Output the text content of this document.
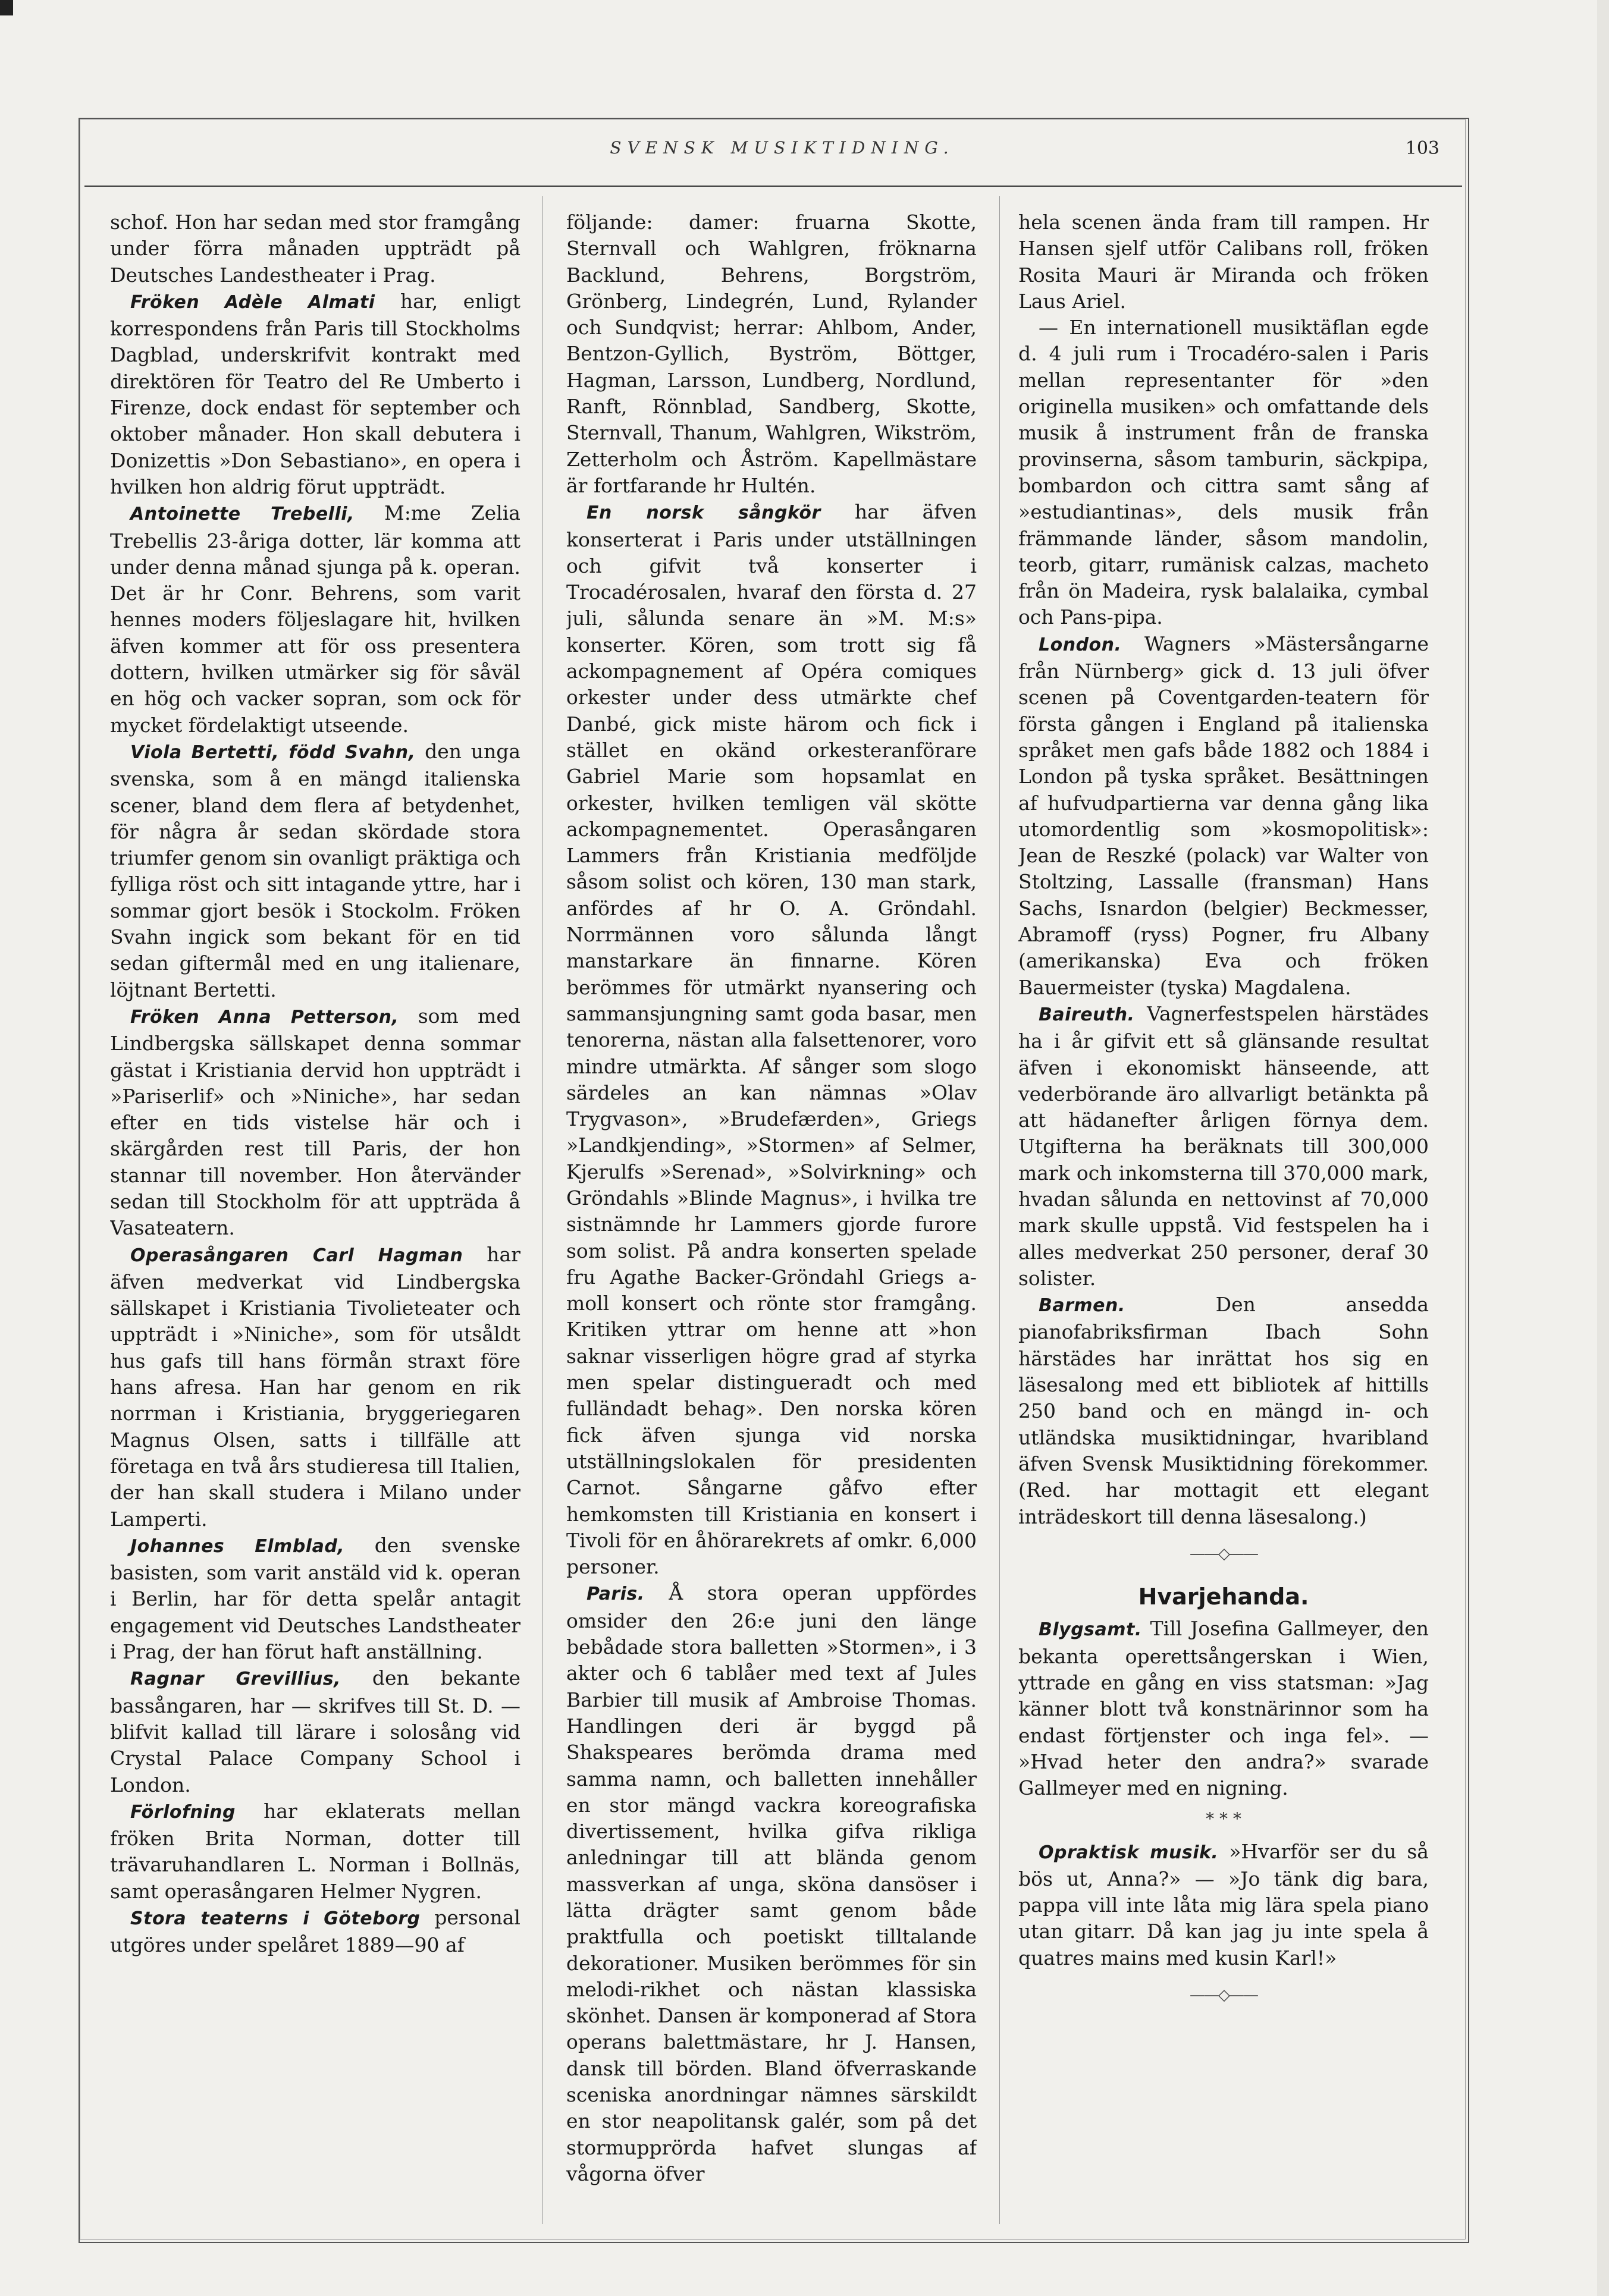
SVENSK MUSIKTIDNING.	103

schof. Hon har sedan med stor framgång under förra månaden uppträdt på Deutsches Landestheater i Prag.

Fröken Adèle Almati har, enligt korrespondens från Paris till Stockholms Dagblad, underskrifvit kontrakt med direktören för Teatro del Re Umberto i Firenze, dock endast för september och oktober månader. Hon skall debutera i Donizettis »Don Sebastiano», en opera i hvilken hon aldrig förut uppträdt.

Antoinette Trebelli, M:me Zelia Trebellis 23-åriga dotter, lär komma att under denna månad sjunga på k. operan. Det är hr Conr. Behrens, som varit hennes moders följeslagare hit, hvilken äfven kommer att för oss presentera dottern, hvilken utmärker sig för såväl en hög och vacker sopran, som ock för mycket fördelaktigt utseende.

Viola Bertetti, född Svahn, den unga svenska, som å en mängd italienska scener, bland dem flera af betydenhet, för några år sedan skördade stora triumfer genom sin ovanligt präktiga och fylliga röst och sitt intagande yttre, har i sommar gjort besök i Stockolm. Fröken Svahn ingick som bekant för en tid sedan giftermål med en ung italienare, löjtnant Bertetti.

Fröken Anna Petterson, som med Lindbergska sällskapet denna sommar gästat i Kristiania dervid hon uppträdt i »Pariserlif» och »Niniche», har sedan efter en tids vistelse här och i skärgården rest till Paris, der hon stannar till november. Hon återvänder sedan till Stockholm för att uppträda å Vasateatern.

Operasångaren Carl Hagman har äfven medverkat vid Lindbergska sällskapet i Kristiania Tivolieteater och uppträdt i »Niniche», som för utsåldt hus gafs till hans förmån straxt före hans afresa. Han har genom en rik norrman i Kristiania, bryggeriegaren Magnus Olsen, satts i tillfälle att företaga en två års studieresa till Italien, der han skall studera i Milano under Lamperti.

Johannes Elmblad, den svenske basisten, som varit anstäld vid k. operan i Berlin, har för detta spelår antagit engagement vid Deutsches Landstheater i Prag, der han förut haft anställning.

Ragnar Grevillius, den bekante bassångaren, har — skrifves till St. D. — blifvit kallad till lärare i solosång vid Crystal Palace Company School i London.

Förlofning har eklaterats mellan fröken Brita Norman, dotter till trävaruhandlaren L. Norman i Bollnäs, samt operasångaren Helmer Nygren.

Stora teaterns i Göteborg personal utgöres under spelåret 1889—90 af

följande: damer: fruarna Skotte, Sternvall och Wahlgren, fröknarna Backlund, Behrens, Borgström, Grönberg, Lindegrén, Lund, Rylander och Sundqvist; herrar: Ahlbom, Ander, Bentzon-Gyllich, Byström, Böttger, Hagman, Larsson, Lundberg, Nordlund, Ranft, Rönnblad, Sandberg, Skotte, Sternvall, Thanum, Wahlgren, Wikström, Zetterholm och Åström. Kapellmästare är fortfarande hr Hultén.

En norsk sångkör har äfven konserterat i Paris under utställningen och gifvit två konserter i Trocadérosalen, hvaraf den första d. 27 juli, sålunda senare än »M. M:s» konserter. Kören, som trott sig få ackompagnement af Opéra comiques orkester under dess utmärkte chef Danbé, gick miste härom och fick i stället en okänd orkesteranförare Gabriel Marie som hopsamlat en orkester, hvilken temligen väl skötte ackompagnementet. Operasångaren Lammers från Kristiania medföljde såsom solist och kören, 130 man stark, anfördes af hr O. A. Gröndahl. Norrmännen voro sålunda långt manstarkare än finnarne. Kören berömmes för utmärkt nyansering och sammansjungning samt goda basar, men tenorerna, nästan alla falsettenorer, voro mindre utmärkta. Af sånger som slogo särdeles an kan nämnas »Olav Trygvason», »Brudefærden», Griegs »Landkjending», »Stormen» af Selmer, Kjerulfs »Serenad», »Solvirkning» och Gröndahls »Blinde Magnus», i hvilka tre sistnämnde hr Lammers gjorde furore som solist. På andra konserten spelade fru Agathe Backer-Gröndahl Griegs a-moll konsert och rönte stor framgång. Kritiken yttrar om henne att »hon saknar visserligen högre grad af styrka men spelar distingueradt och med fulländadt behag». Den norska kören fick äfven sjunga vid norska utställningslokalen för presidenten Carnot. Sångarne gåfvo efter hemkomsten till Kristiania en konsert i Tivoli för en åhörarekrets af omkr. 6,000 personer.

Paris. Å stora operan uppfördes omsider den 26:e juni den länge bebådade stora balletten »Stormen», i 3 akter och 6 tablåer med text af Jules Barbier till musik af Ambroise Thomas. Handlingen deri är byggd på Shakspeares berömda drama med samma namn, och balletten innehåller en stor mängd vackra koreografiska divertissement, hvilka gifva rikliga anledningar till att blända genom massverkan af unga, sköna dansöser i lätta drägter samt genom både praktfulla och poetiskt tilltalande dekorationer. Musiken berömmes för sin melodi-rikhet och nästan klassiska skönhet. Dansen är komponerad af Stora operans balettmästare, hr J. Hansen, dansk till börden. Bland öfverraskande sceniska anordningar nämnes särskildt en stor neapolitansk galér, som på det stormupprörda hafvet slungas af vågorna öfver

hela scenen ända fram till rampen. Hr Hansen sjelf utför Calibans roll, fröken Rosita Mauri är Miranda och fröken Laus Ariel.

— En internationell musiktäflan egde d. 4 juli rum i Trocadéro-salen i Paris mellan representanter för »den originella musiken» och omfattande dels musik å instrument från de franska provinserna, såsom tamburin, säckpipa, bombardon och cittra samt sång af »estudiantinas», dels musik från främmande länder, såsom mandolin, teorb, gitarr, rumänisk calzas, macheto från ön Madeira, rysk balalaika, cymbal och Pans-pipa.

London. Wagners »Mästersångarne från Nürnberg» gick d. 13 juli öfver scenen på Coventgarden-teatern för första gången i England på italienska språket men gafs både 1882 och 1884 i London på tyska språket. Besättningen af hufvudpartierna var denna gång lika utomordentlig som »kosmopolitisk»: Jean de Reszké (polack) var Walter von Stoltzing, Lassalle (fransman) Hans Sachs, Isnardon (belgier) Beckmesser, Abramoff (ryss) Pogner, fru Albany (amerikanska) Eva och fröken Bauermeister (tyska) Magdalena.

Baireuth. Vagnerfestspelen härstädes ha i år gifvit ett så glänsande resultat äfven i ekonomiskt hänseende, att vederbörande äro allvarligt betänkta på att hädanefter årligen förnya dem. Utgifterna ha beräknats till 300,000 mark och inkomsterna till 370,000 mark, hvadan sålunda en nettovinst af 70,000 mark skulle uppstå. Vid festspelen ha i alles medverkat 250 personer, deraf 30 solister.

Barmen.	Den ansedda pianofabriksfirman Ibach Sohn härstädes har inrättat hos sig en läsesalong med ett bibliotek af hittills 250 band och en mängd in- och utländska musiktidningar, hvaribland äfven Svensk Musiktidning förekommer. (Red. har mottagit ett elegant inträdeskort till denna läsesalong.)

——◇——
Hvarjehanda.

Blygsamt. Till Josefina Gallmeyer, den bekanta operettsångerskan i Wien, yttrade en gång en viss statsman: »Jag känner blott två konstnärinnor som ha endast förtjenster och inga fel». — »Hvad heter den andra?» svarade Gallmeyer med en nigning.

* * *

Opraktisk musik. »Hvarför ser du så bös ut, Anna?» — »Jo tänk dig bara, pappa vill inte låta mig lära spela piano utan gitarr. Då kan jag ju inte spela å quatres mains med kusin Karl!»

——◇——
